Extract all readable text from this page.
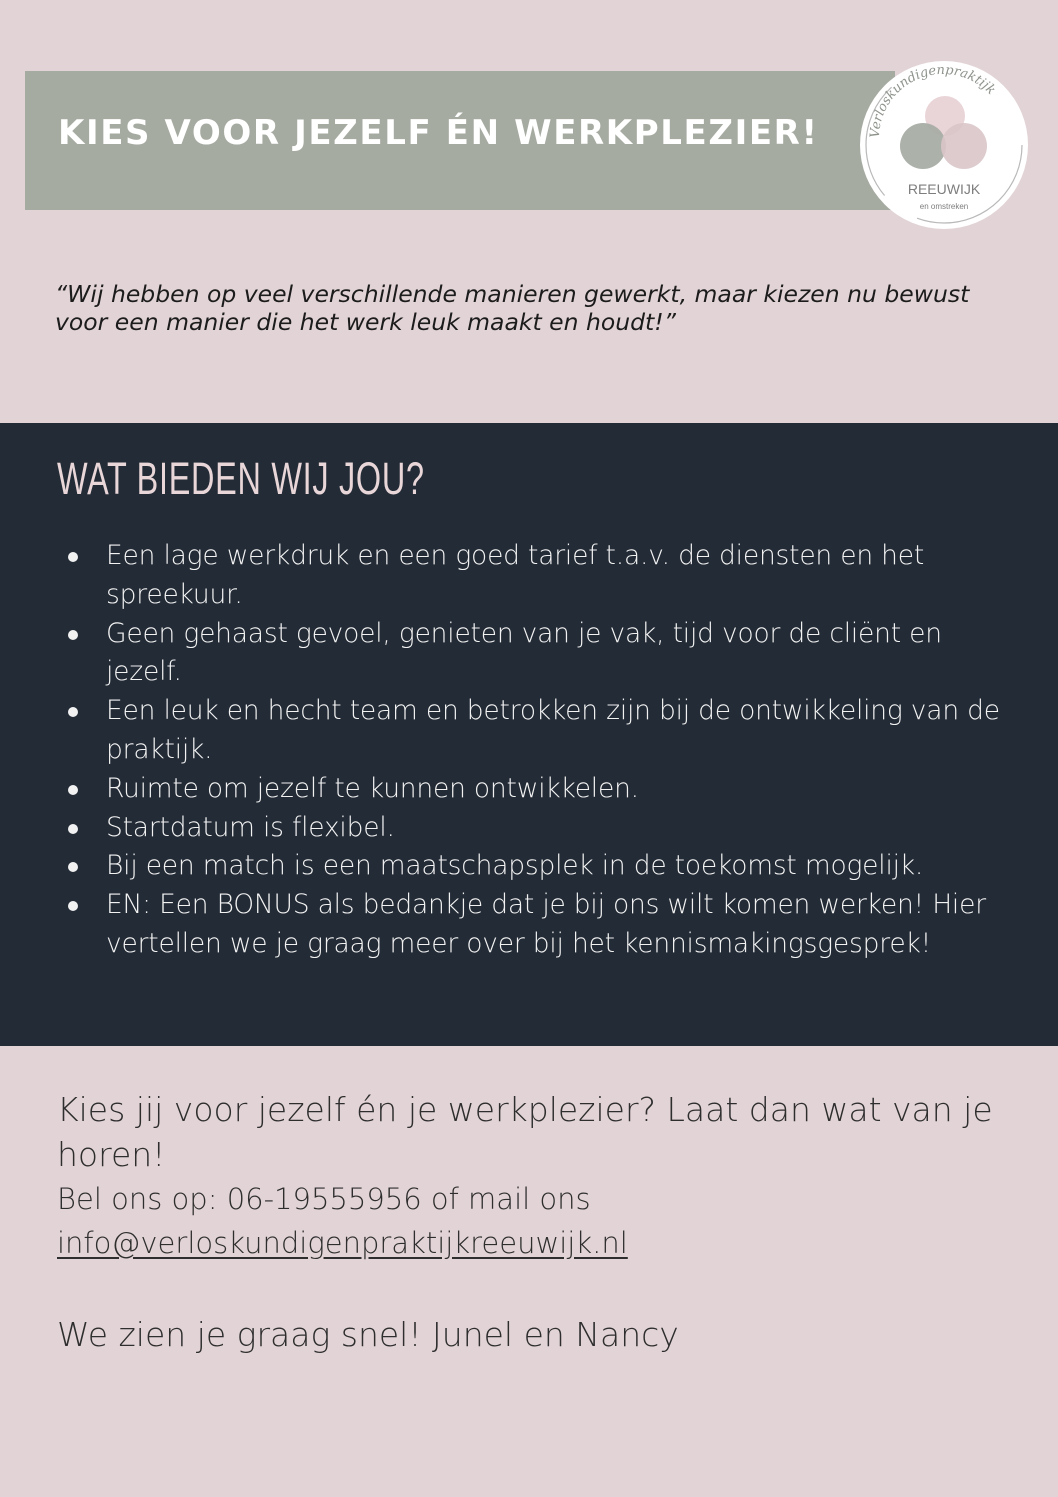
KIES VOOR JEZELF ÉN WERKPLEZIER!	Verloskundigenpraktijk
REEUWIJK
en omstreken

“Wij hebben op veel verschillende manieren gewerkt, maar kiezen nu bewust voor een manier die het werk leuk maakt en houdt!”

WAT BIEDEN WIJ JOU?
Een lage werkdruk en een goed tarief t.a.v. de diensten en het spreekuur.
Geen gehaast gevoel, genieten van je vak, tijd voor de cliënt en jezelf.
Een leuk en hecht team en betrokken zijn bij de ontwikkeling van de praktijk.
Ruimte om jezelf te kunnen ontwikkelen.
Startdatum is flexibel.
Bij een match is een maatschapsplek in de toekomst mogelijk.
EN: Een BONUS als bedankje dat je bij ons wilt komen werken! Hier vertellen we je graag meer over bij het kennismakingsgesprek!

Kies jij voor jezelf én je werkplezier? Laat dan wat van je horen!

Bel ons op: 06-19555956 of mail ons

info@verloskundigenpraktijkreeuwijk.nl

We zien je graag snel! Junel en Nancy
